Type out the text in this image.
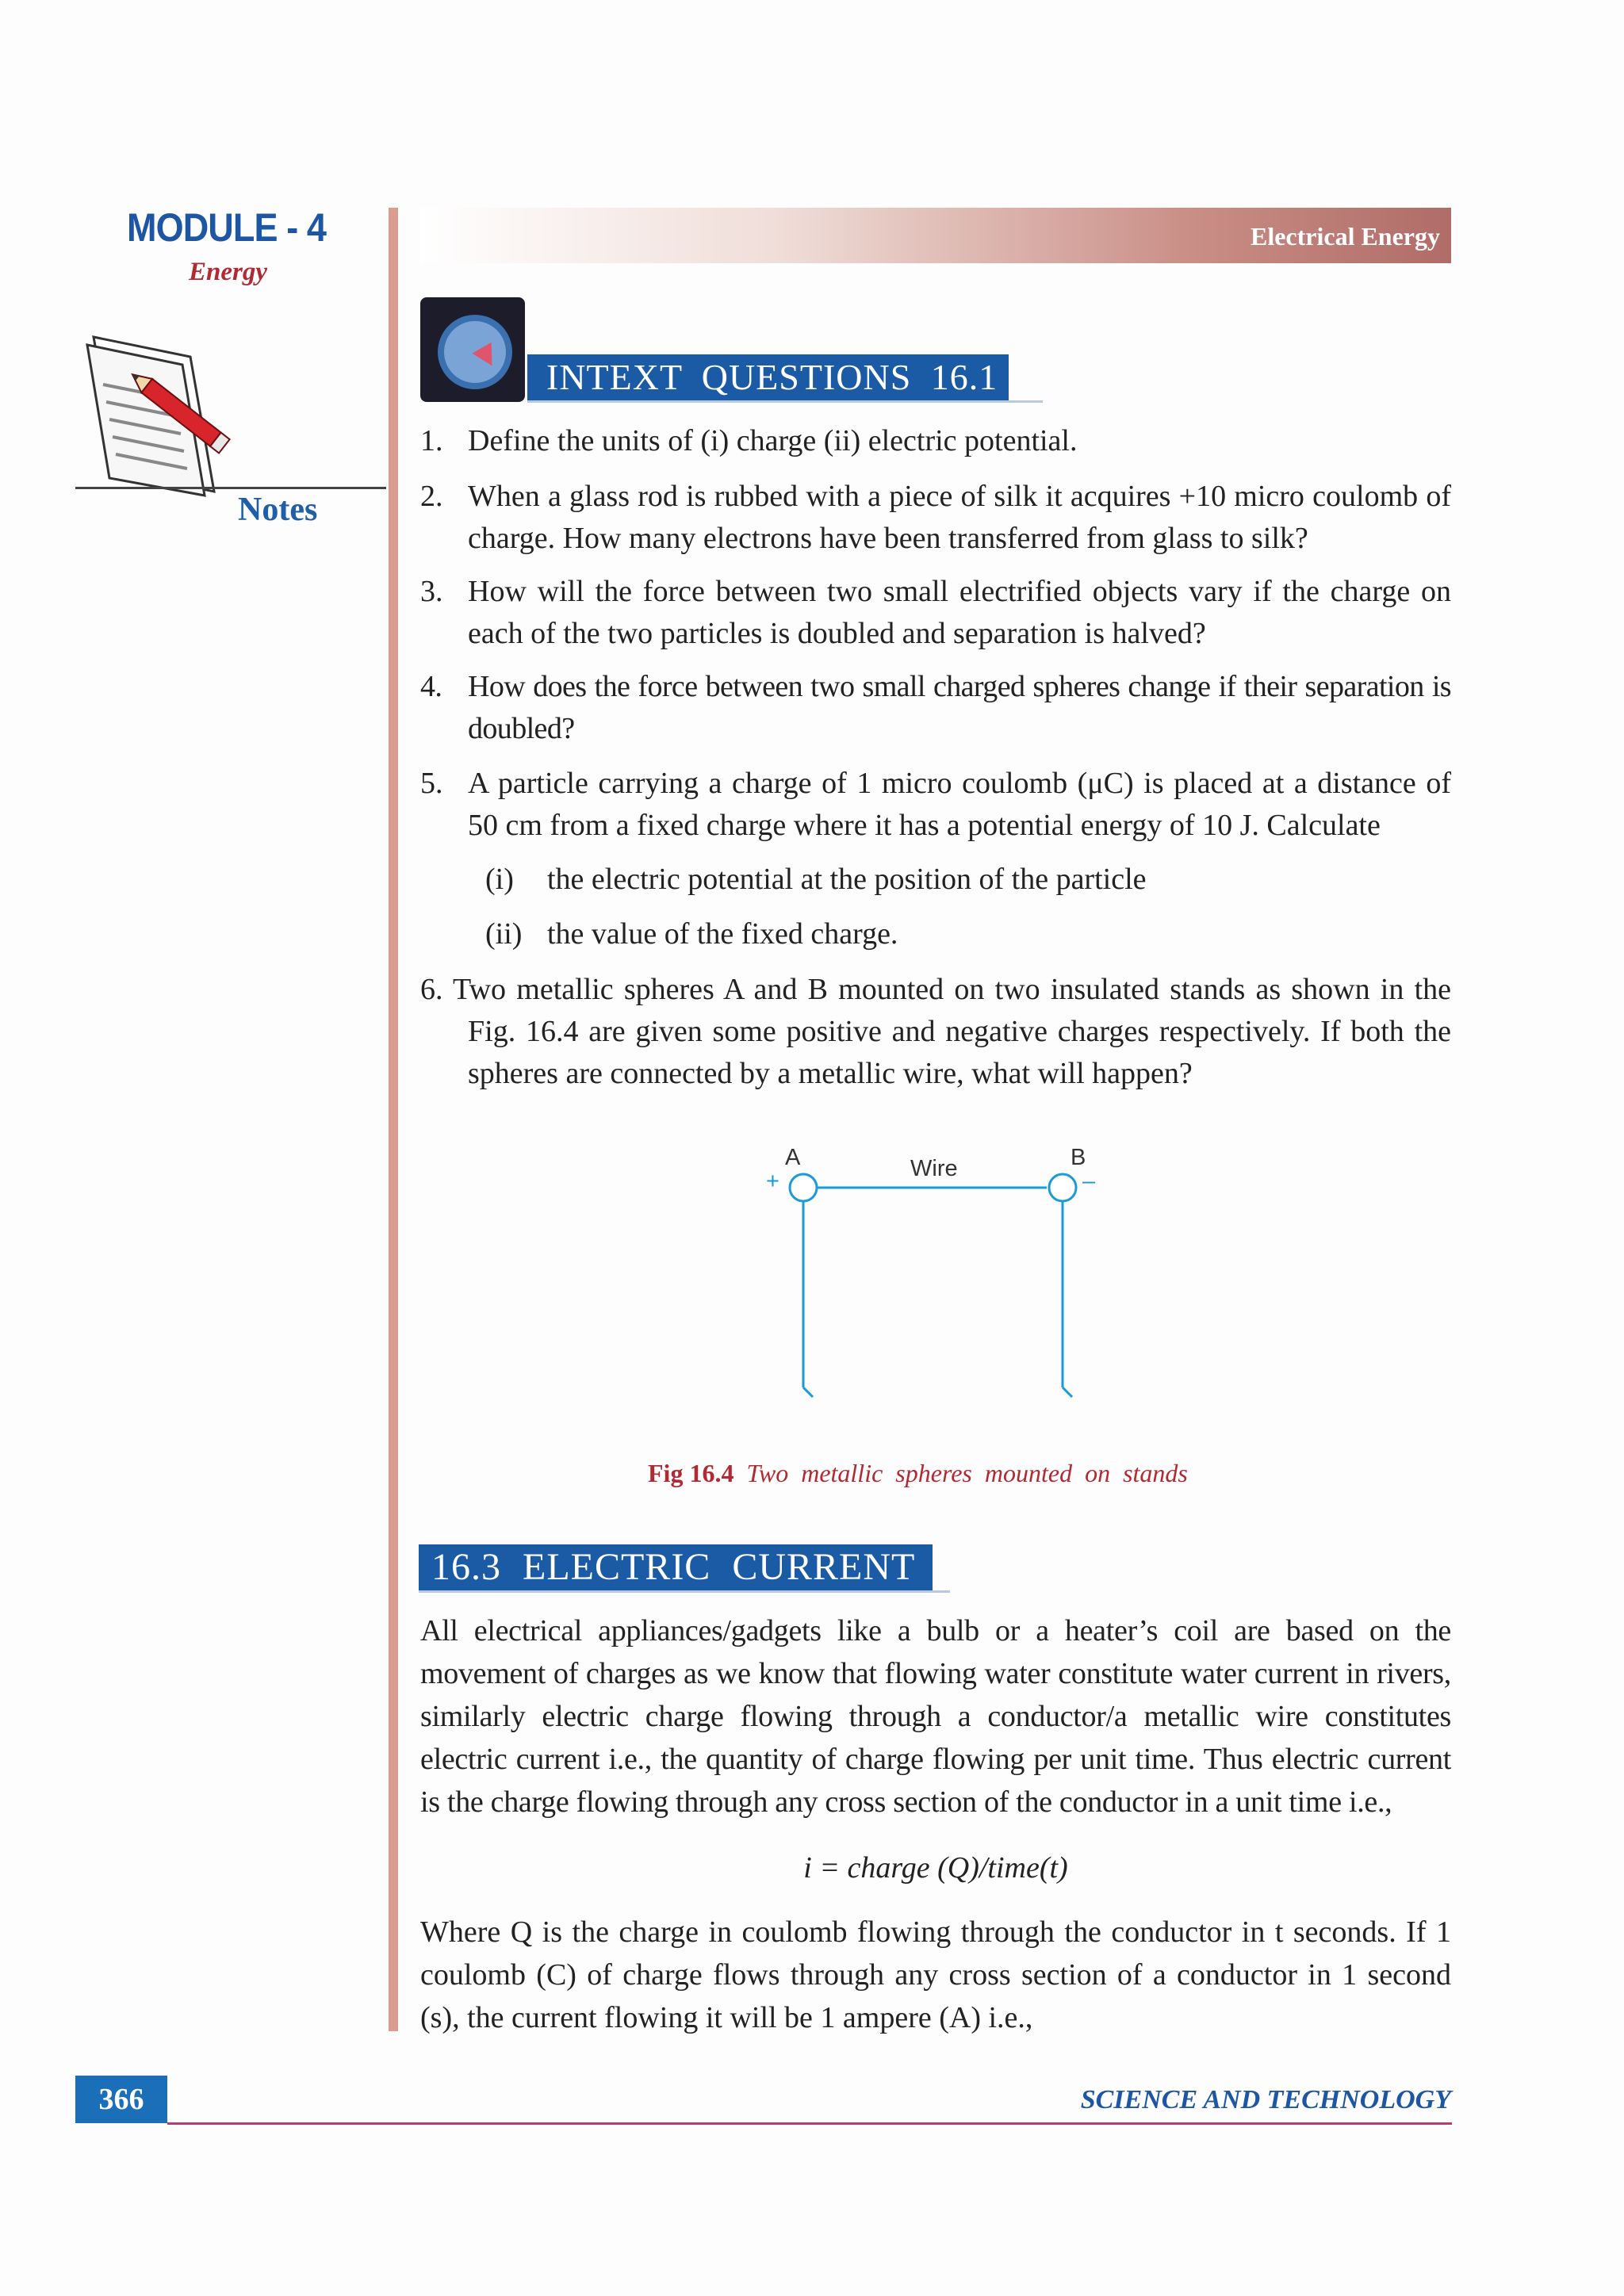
MODULE - 4
Energy
Notes
Electrical Energy
INTEXT QUESTIONS 16.1
1. Define the units of (i) charge (ii) electric potential.
2. When a glass rod is rubbed with a piece of silk it acquires +10 micro coulomb of charge. How many electrons have been transferred from glass to silk?
3. How will the force between two small electrified objects vary if the charge on each of the two particles is doubled and separation is halved?
4. How does the force between two small charged spheres change if their separation is doubled?
5. A particle carrying a charge of 1 micro coulomb (μC) is placed at a distance of 50 cm from a fixed charge where it has a potential energy of 10 J. Calculate
(i) the electric potential at the position of the particle
(ii) the value of the fixed charge.
6. Two metallic spheres A and B mounted on two insulated stands as shown in the Fig. 16.4 are given some positive and negative charges respectively. If both the spheres are connected by a metallic wire, what will happen?
A	B
Wire
+	–
Fig 16.4 Two metallic spheres mounted on stands
16.3 ELECTRIC CURRENT
All electrical appliances/gadgets like a bulb or a heater’s coil are based on the movement of charges as we know that flowing water constitute water current in rivers, similarly electric charge flowing through a conductor/a metallic wire constitutes electric current i.e., the quantity of charge flowing per unit time. Thus electric current is the charge flowing through any cross section of the conductor in a unit time i.e.,
i = charge (Q)/time(t)
Where Q is the charge in coulomb flowing through the conductor in t seconds. If 1 coulomb (C) of charge flows through any cross section of a conductor in 1 second (s), the current flowing it will be 1 ampere (A) i.e.,
366	SCIENCE AND TECHNOLOGY
